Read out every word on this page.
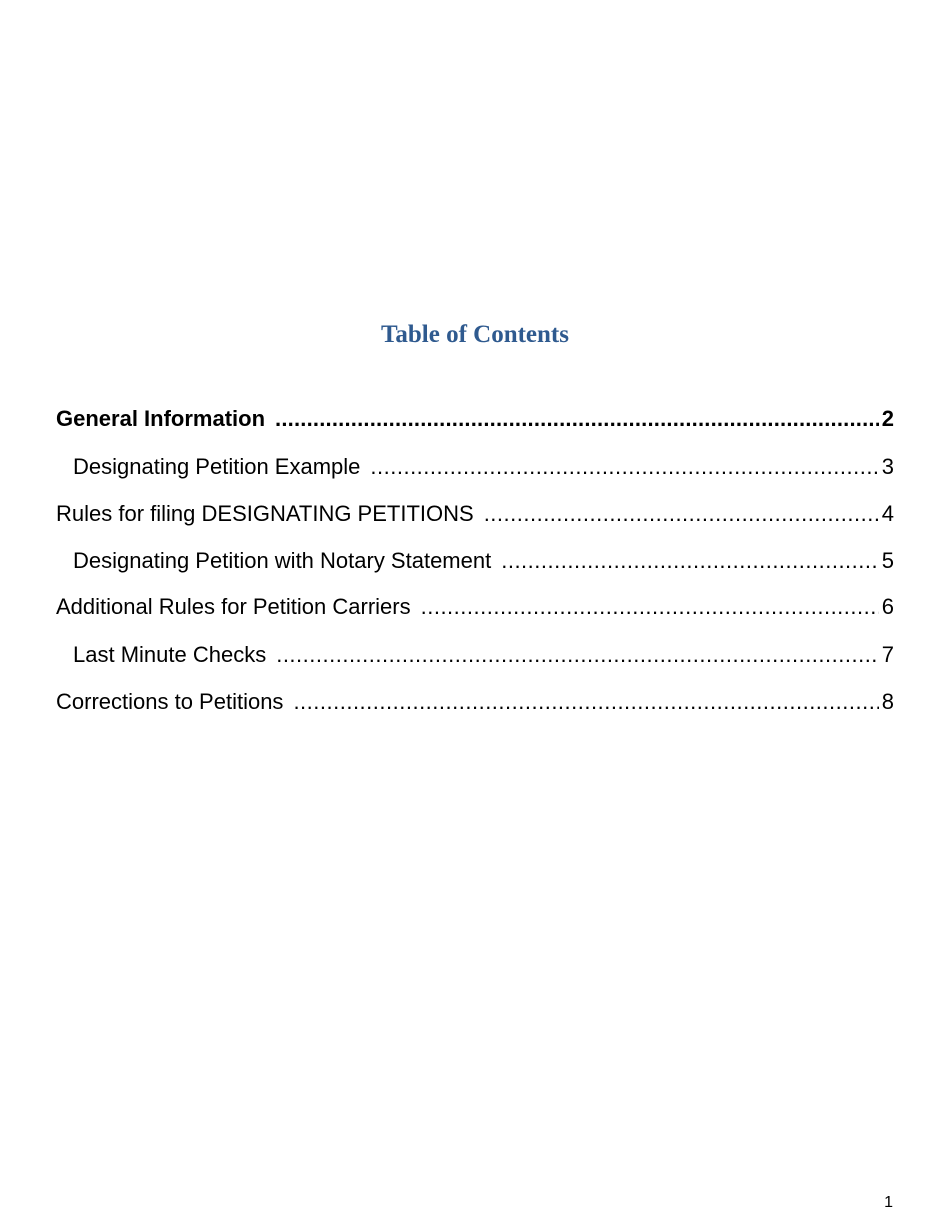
Table of Contents
General Information .....	2
Designating Petition Example .....	3
Rules for filing DESIGNATING PETITIONS .....	4
Designating Petition with Notary Statement .....	5
Additional Rules for Petition Carriers .....	6
Last Minute Checks .....	7
Corrections to Petitions .....	8
1
